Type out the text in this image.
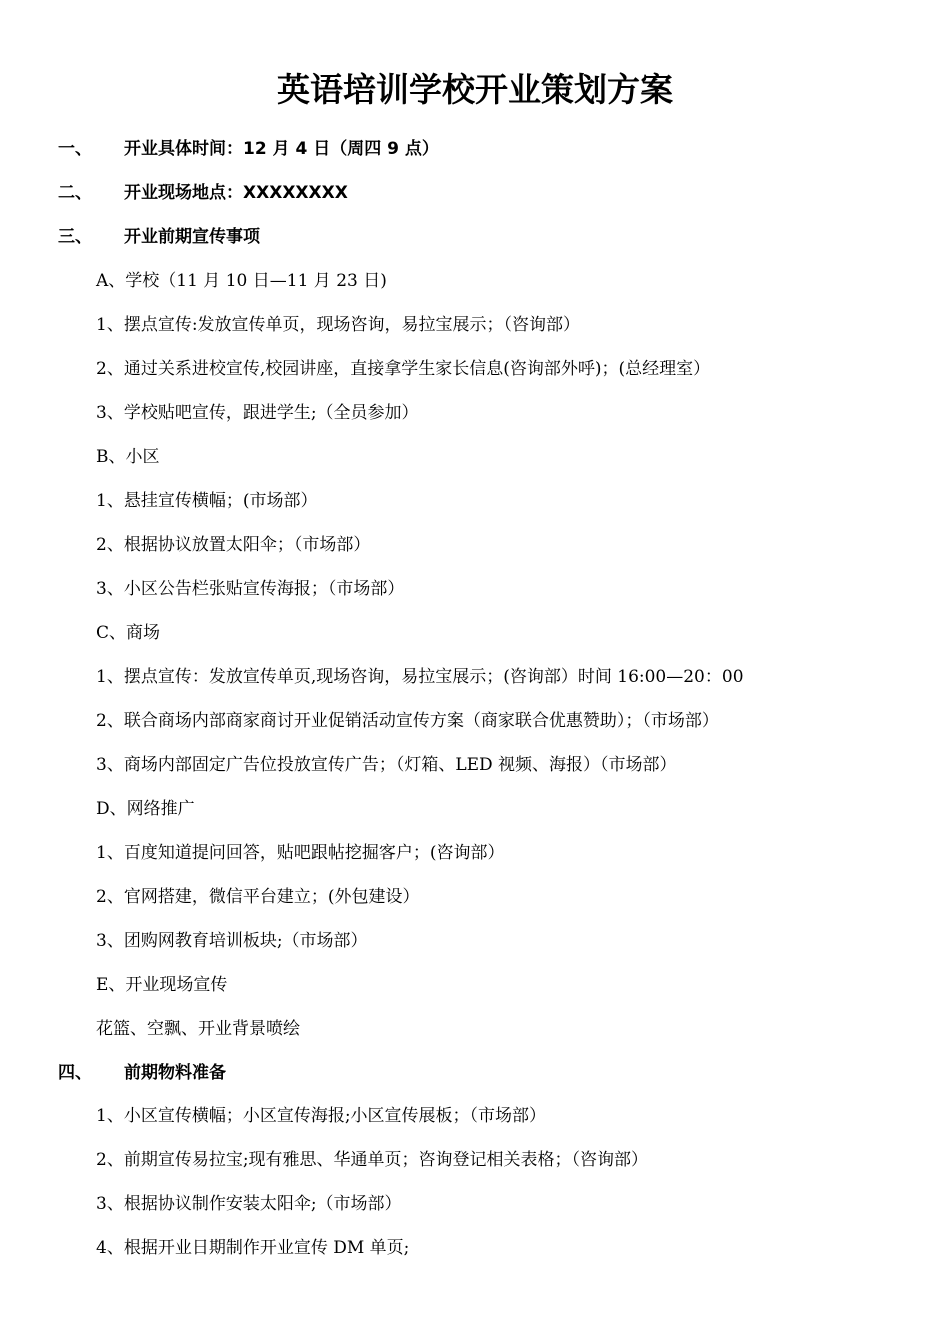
英语培训学校开业策划方案
一、 开业具体时间：12 月 4 日（周四 9 点）
二、 开业现场地点：XXXXXXXX
三、 开业前期宣传事项
A、学校（11 月 10 日—11 月 23 日)
1、摆点宣传:发放宣传单页，现场咨询，易拉宝展示；（咨询部）
2、通过关系进校宣传,校园讲座，直接拿学生家长信息(咨询部外呼)；(总经理室）
3、学校贴吧宣传，跟进学生;（全员参加）
B、小区
1、悬挂宣传横幅；(市场部）
2、根据协议放置太阳伞；（市场部）
3、小区公告栏张贴宣传海报；（市场部）
C、商场
1、摆点宣传：发放宣传单页,现场咨询，易拉宝展示；(咨询部）时间 16:00—20：00
2、联合商场内部商家商讨开业促销活动宣传方案（商家联合优惠赞助）；（市场部）
3、商场内部固定广告位投放宣传广告；（灯箱、LED 视频、海报）（市场部）
D、网络推广
1、百度知道提问回答，贴吧跟帖挖掘客户；(咨询部）
2、官网搭建，微信平台建立；(外包建设）
3、团购网教育培训板块;（市场部）
E、开业现场宣传
花篮、空飘、开业背景喷绘
四、 前期物料准备
1、小区宣传横幅；小区宣传海报;小区宣传展板；（市场部）
2、前期宣传易拉宝;现有雅思、华通单页；咨询登记相关表格；（咨询部）
3、根据协议制作安装太阳伞;（市场部）
4、根据开业日期制作开业宣传 DM 单页;
